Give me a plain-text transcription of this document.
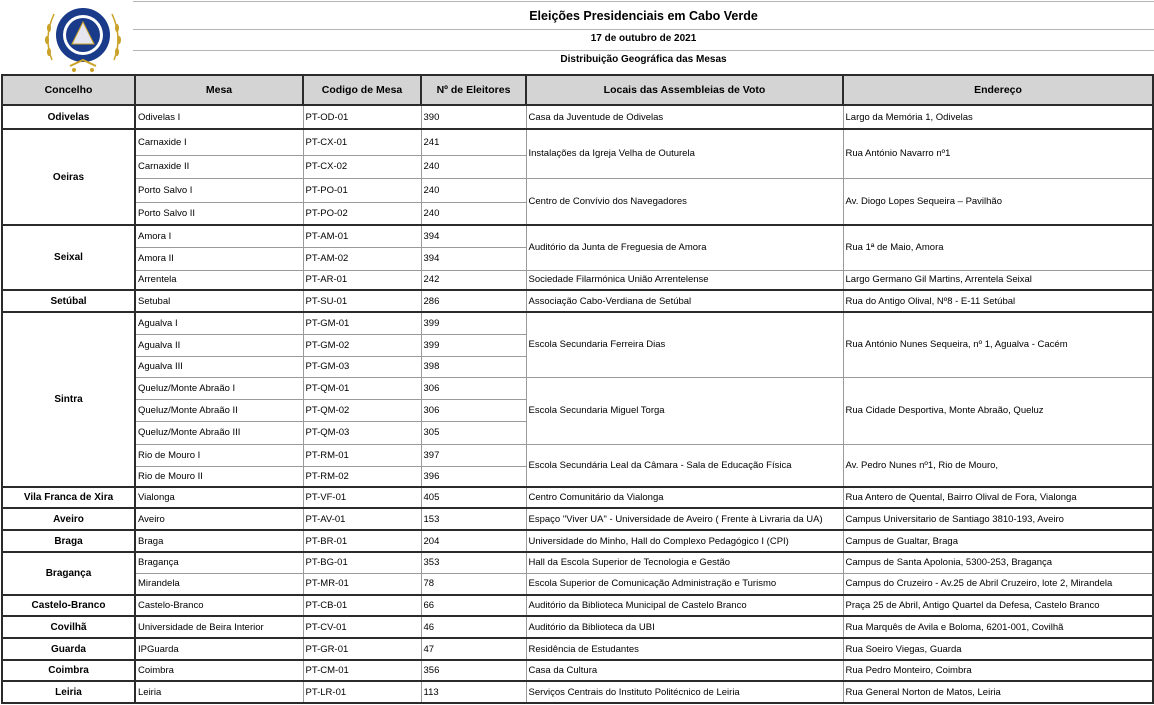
Eleições Presidenciais em Cabo Verde
17 de outubro de 2021
Distribuição Geográfica das Mesas
Concelho	Mesa	Codigo de Mesa	Nº de Eleitores	Locais das Assembleias de Voto	Endereço
Odivelas	Odivelas I	PT-OD-01	390	Casa da Juventude de Odivelas	Largo da Memória 1, Odivelas
Oeiras	Carnaxide I	PT-CX-01	241	Instalações da Igreja Velha de Outurela	Rua António Navarro nº1
	Carnaxide II	PT-CX-02	240		
	Porto Salvo I	PT-PO-01	240	Centro de Convívio dos Navegadores	Av. Diogo Lopes Sequeira – Pavilhão
	Porto Salvo II	PT-PO-02	240		
Seixal	Amora I	PT-AM-01	394	Auditório da Junta de Freguesia de Amora	Rua 1ª de Maio, Amora
	Amora II	PT-AM-02	394		
	Arrentela	PT-AR-01	242	Sociedade Filarmónica União Arrentelense	Largo Germano Gil Martins, Arrentela Seixal
Setúbal	Setubal	PT-SU-01	286	Associação Cabo-Verdiana de Setúbal	Rua do Antigo Olival, Nº8 - E-11 Setúbal
Sintra	Agualva I	PT-GM-01	399	Escola Secundaria Ferreira Dias	Rua António Nunes Sequeira, nº 1, Agualva - Cacém
	Agualva II	PT-GM-02	399		
	Agualva III	PT-GM-03	398		
	Queluz/Monte Abraão I	PT-QM-01	306	Escola Secundaria Miguel Torga	Rua Cidade Desportiva, Monte Abraão, Queluz
	Queluz/Monte Abraão II	PT-QM-02	306		
	Queluz/Monte Abraão III	PT-QM-03	305		
	Rio de Mouro I	PT-RM-01	397	Escola Secundária Leal da Câmara - Sala de Educação Física	Av. Pedro Nunes nº1, Rio de Mouro,
	Rio de Mouro II	PT-RM-02	396		
Vila Franca de Xira	Vialonga	PT-VF-01	405	Centro Comunitário da Vialonga	Rua Antero de Quental, Bairro Olival de Fora, Vialonga
Aveiro	Aveiro	PT-AV-01	153	Espaço "Viver UA" - Universidade de Aveiro ( Frente à Livraria da UA)	Campus Universitario de Santiago 3810-193, Aveiro
Braga	Braga	PT-BR-01	204	Universidade do Minho, Hall do Complexo Pedagógico I (CPI)	Campus de Gualtar, Braga
Bragança	Bragança	PT-BG-01	353	Hall da Escola Superior de Tecnologia e Gestão	Campus de Santa Apolonia, 5300-253, Bragança
	Mirandela	PT-MR-01	78	Escola Superior de Comunicação Administração e Turismo	Campus do Cruzeiro - Av.25 de Abril Cruzeiro, lote 2, Mirandela
Castelo-Branco	Castelo-Branco	PT-CB-01	66	Auditório da Biblioteca Municipal de Castelo Branco	Praça 25 de Abril, Antigo Quartel da Defesa, Castelo Branco
Covilhã	Universidade de Beira Interior	PT-CV-01	46	Auditório da Biblioteca da UBI	Rua Marquês de Avila e Boloma, 6201-001, Covilhã
Guarda	IPGuarda	PT-GR-01	47	Residência de Estudantes	Rua Soeiro Viegas, Guarda
Coimbra	Coimbra	PT-CM-01	356	Casa da Cultura	Rua Pedro Monteiro, Coimbra
Leiria	Leiria	PT-LR-01	113	Serviços Centrais do Instituto Politécnico de Leiria	Rua General Norton de Matos, Leiria
